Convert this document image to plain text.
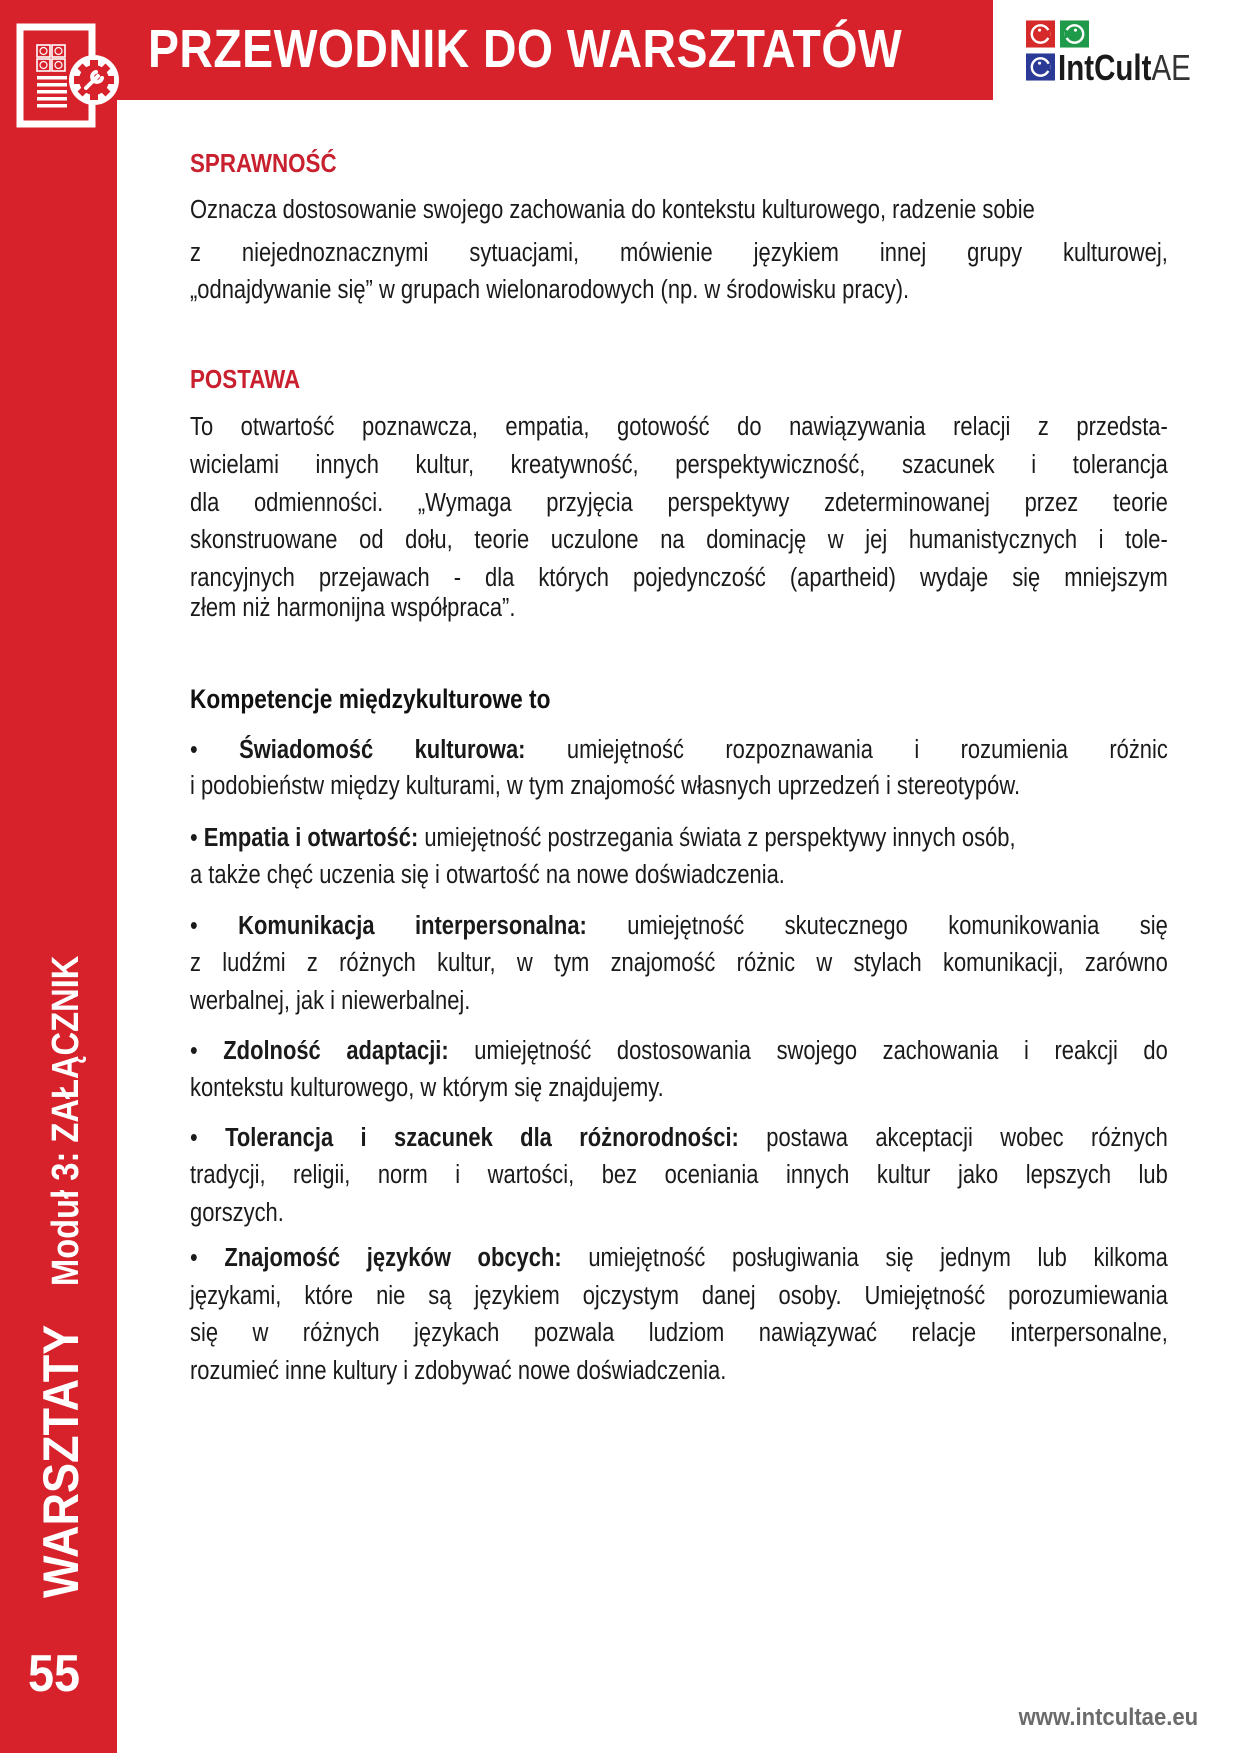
PRZEWODNIK DO WARSZTATÓW	IntCultAE
WARSZTATYModuł 3: ZAŁĄCZNIK
55
SPRAWNOŚĆ
Oznacza dostosowanie swojego zachowania do kontekstu kulturowego, radzenie sobie
z niejednoznacznymi sytuacjami, mówienie językiem innej grupy kulturowej,
„odnajdywanie się” w grupach wielonarodowych (np. w środowisku pracy).
POSTAWA
To otwartość poznawcza, empatia, gotowość do nawiązywania relacji z przedsta-
wicielami innych kultur, kreatywność, perspektywiczność, szacunek i tolerancja
dla odmienności. „Wymaga przyjęcia perspektywy zdeterminowanej przez teorie
skonstruowane od dołu, teorie uczulone na dominację w jej humanistycznych i tole-
rancyjnych przejawach - dla których pojedynczość (apartheid) wydaje się mniejszym
złem niż harmonijna współpraca”.
Kompetencje międzykulturowe to
• Świadomość kulturowa: umiejętność rozpoznawania i rozumienia różnic
i podobieństw między kulturami, w tym znajomość własnych uprzedzeń i stereotypów.
• Empatia i otwartość: umiejętność postrzegania świata z perspektywy innych osób,
a także chęć uczenia się i otwartość na nowe doświadczenia.
• Komunikacja interpersonalna: umiejętność skutecznego komunikowania się
z ludźmi z różnych kultur, w tym znajomość różnic w stylach komunikacji, zarówno
werbalnej, jak i niewerbalnej.
• Zdolność adaptacji: umiejętność dostosowania swojego zachowania i reakcji do
kontekstu kulturowego, w którym się znajdujemy.
• Tolerancja i szacunek dla różnorodności: postawa akceptacji wobec różnych
tradycji, religii, norm i wartości, bez oceniania innych kultur jako lepszych lub
gorszych.
• Znajomość języków obcych: umiejętność posługiwania się jednym lub kilkoma
językami, które nie są językiem ojczystym danej osoby. Umiejętność porozumiewania
się w różnych językach pozwala ludziom nawiązywać relacje interpersonalne,
rozumieć inne kultury i zdobywać nowe doświadczenia.
www.intcultae.eu
